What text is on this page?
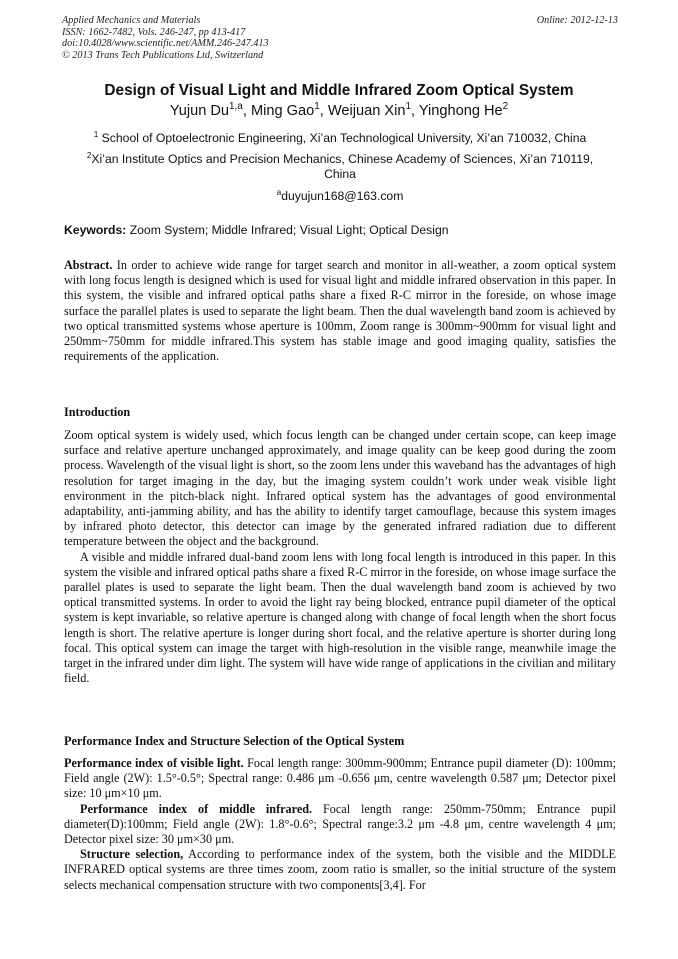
Applied Mechanics and Materials
ISSN: 1662-7482, Vols. 246-247, pp 413-417
doi:10.4028/www.scientific.net/AMM.246-247.413
© 2013 Trans Tech Publications Ltd, Switzerland
Online: 2012-12-13
Design of Visual Light and Middle Infrared Zoom Optical System
Yujun Du$^{1,a}$, Ming Gao$^1$, Weijuan Xin$^1$, Yinghong He$^2$
$^1$ School of Optoelectronic Engineering, Xi’an Technological University, Xi’an 710032, China
$^2$Xi’an Institute Optics and Precision Mechanics, Chinese Academy of Sciences, Xi’an 710119,
China
$^a$duyujun168@163.com
Keywords: Zoom System; Middle Infrared; Visual Light; Optical Design

Abstract. In order to achieve wide range for target search and monitor in all-weather, a zoom optical system with long focus length is designed which is used for visual light and middle infrared observation in this paper. In this system, the visible and infrared optical paths share a fixed R-C mirror in the foreside, on whose image surface the parallel plates is used to separate the light beam. Then the dual wavelength band zoom is achieved by two optical transmitted systems whose aperture is 100mm, Zoom range is 300mm~900mm for visual light and 250mm~750mm for middle infrared.This system has stable image and good imaging quality, satisfies the requirements of the application.

Introduction

Zoom optical system is widely used, which focus length can be changed under certain scope, can keep image surface and relative aperture unchanged approximately, and image quality can be keep good during the zoom process. Wavelength of the visual light is short, so the zoom lens under this waveband has the advantages of high resolution for target imaging in the day, but the imaging system couldn’t work under weak visible light environment in the pitch-black night. Infrared optical system has the advantages of good environmental adaptability, anti-jamming ability, and has the ability to identify target camouflage, because this system images by infrared photo detector, this detector can image by the generated infrared radiation due to different temperature between the object and the background.

A visible and middle infrared dual-band zoom lens with long focal length is introduced in this paper. In this system the visible and infrared optical paths share a fixed R-C mirror in the foreside, on whose image surface the parallel plates is used to separate the light beam. Then the dual wavelength band zoom is achieved by two optical transmitted systems. In order to avoid the light ray being blocked, entrance pupil diameter of the optical system is kept invariable, so relative aperture is changed along with change of focal length when the short focus length is short. The relative aperture is longer during short focal, and the relative aperture is shorter during long focal. This optical system can image the target with high-resolution in the visible range, meanwhile image the target in the infrared under dim light. The system will have wide range of applications in the civilian and military field.

Performance Index and Structure Selection of the Optical System

Performance index of visible light. Focal length range: 300mm-900mm; Entrance pupil diameter (D): 100mm; Field angle (2W): 1.5°-0.5°; Spectral range: 0.486 μm -0.656 μm, centre wavelength 0.587 μm; Detector pixel size: 10 μm×10 μm.

Performance index of middle infrared. Focal length range: 250mm-750mm; Entrance pupil diameter(D):100mm; Field angle (2W): 1.8°-0.6°; Spectral range:3.2 μm -4.8 μm, centre wavelength 4 μm; Detector pixel size: 30 μm×30 μm.

Structure selection, According to performance index of the system, both the visible and the MIDDLE INFRARED optical systems are three times zoom, zoom ratio is smaller, so the initial structure of the system selects mechanical compensation structure with two components[3,4]. For
